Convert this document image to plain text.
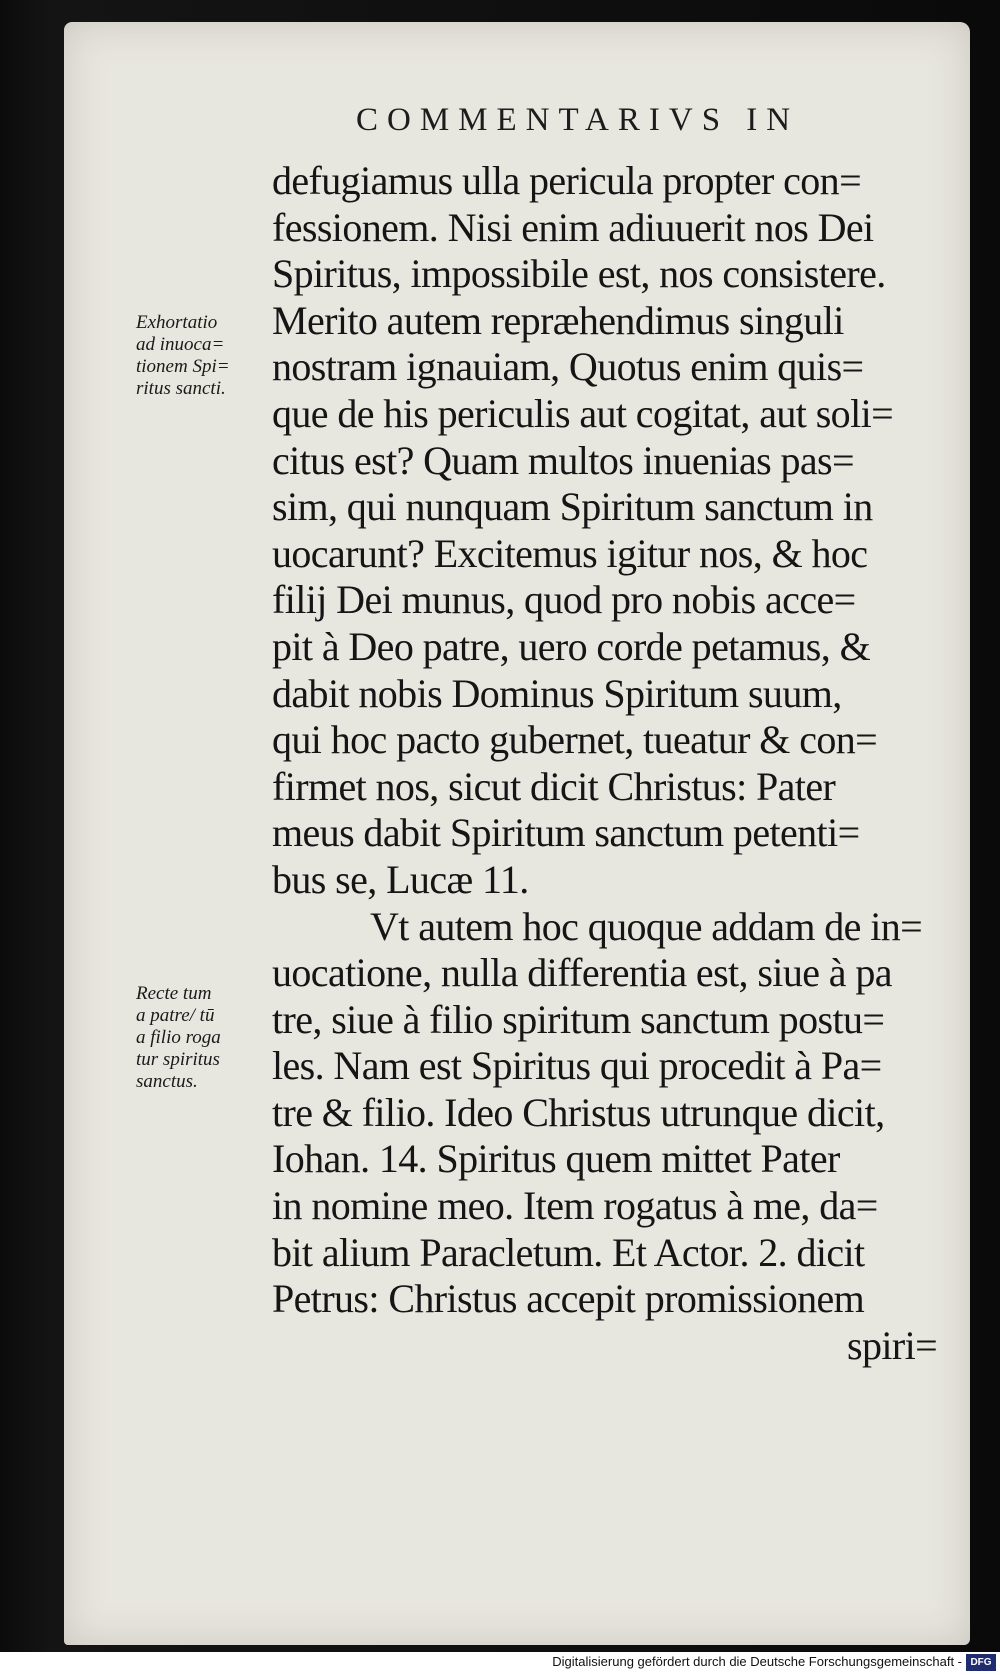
COMMENTARIVS IN
defugiamus ulla pericula propter con=
fessionem. Nisi enim adiuuerit nos Dei
Spiritus, impossibile est, nos consistere.
Merito autem repræhendimus singuli
nostram ignauiam, Quotus enim quis=
que de his periculis aut cogitat, aut soli=
citus est? Quam multos inuenias pas=
sim, qui nunquam Spiritum sanctum in
uocarunt? Excitemus igitur nos, & hoc
filij Dei munus, quod pro nobis acce=
pit à Deo patre, uero corde petamus, &
dabit nobis Dominus Spiritum suum,
qui hoc pacto gubernet, tueatur & con=
firmet nos, sicut dicit Christus: Pater
meus dabit Spiritum sanctum petenti=
bus se, Lucæ 11.
Vt autem hoc quoque addam de in=
uocatione, nulla differentia est, siue à pa
tre, siue à filio spiritum sanctum postu=
les. Nam est Spiritus qui procedit à Pa=
tre & filio. Ideo Christus utrunque dicit,
Iohan. 14. Spiritus quem mittet Pater
in nomine meo. Item rogatus à me, da=
bit alium Paracletum. Et Actor. 2. dicit
Petrus: Christus accepit promissionem
spiri=
Exhortatio
ad inuoca=
tionem Spi=
ritus sancti.
Recte tum
a patre/ tū
a filio roga
tur spiritus
sanctus.
Digitalisierung gefördert durch die Deutsche Forschungsgemeinschaft - DFG
